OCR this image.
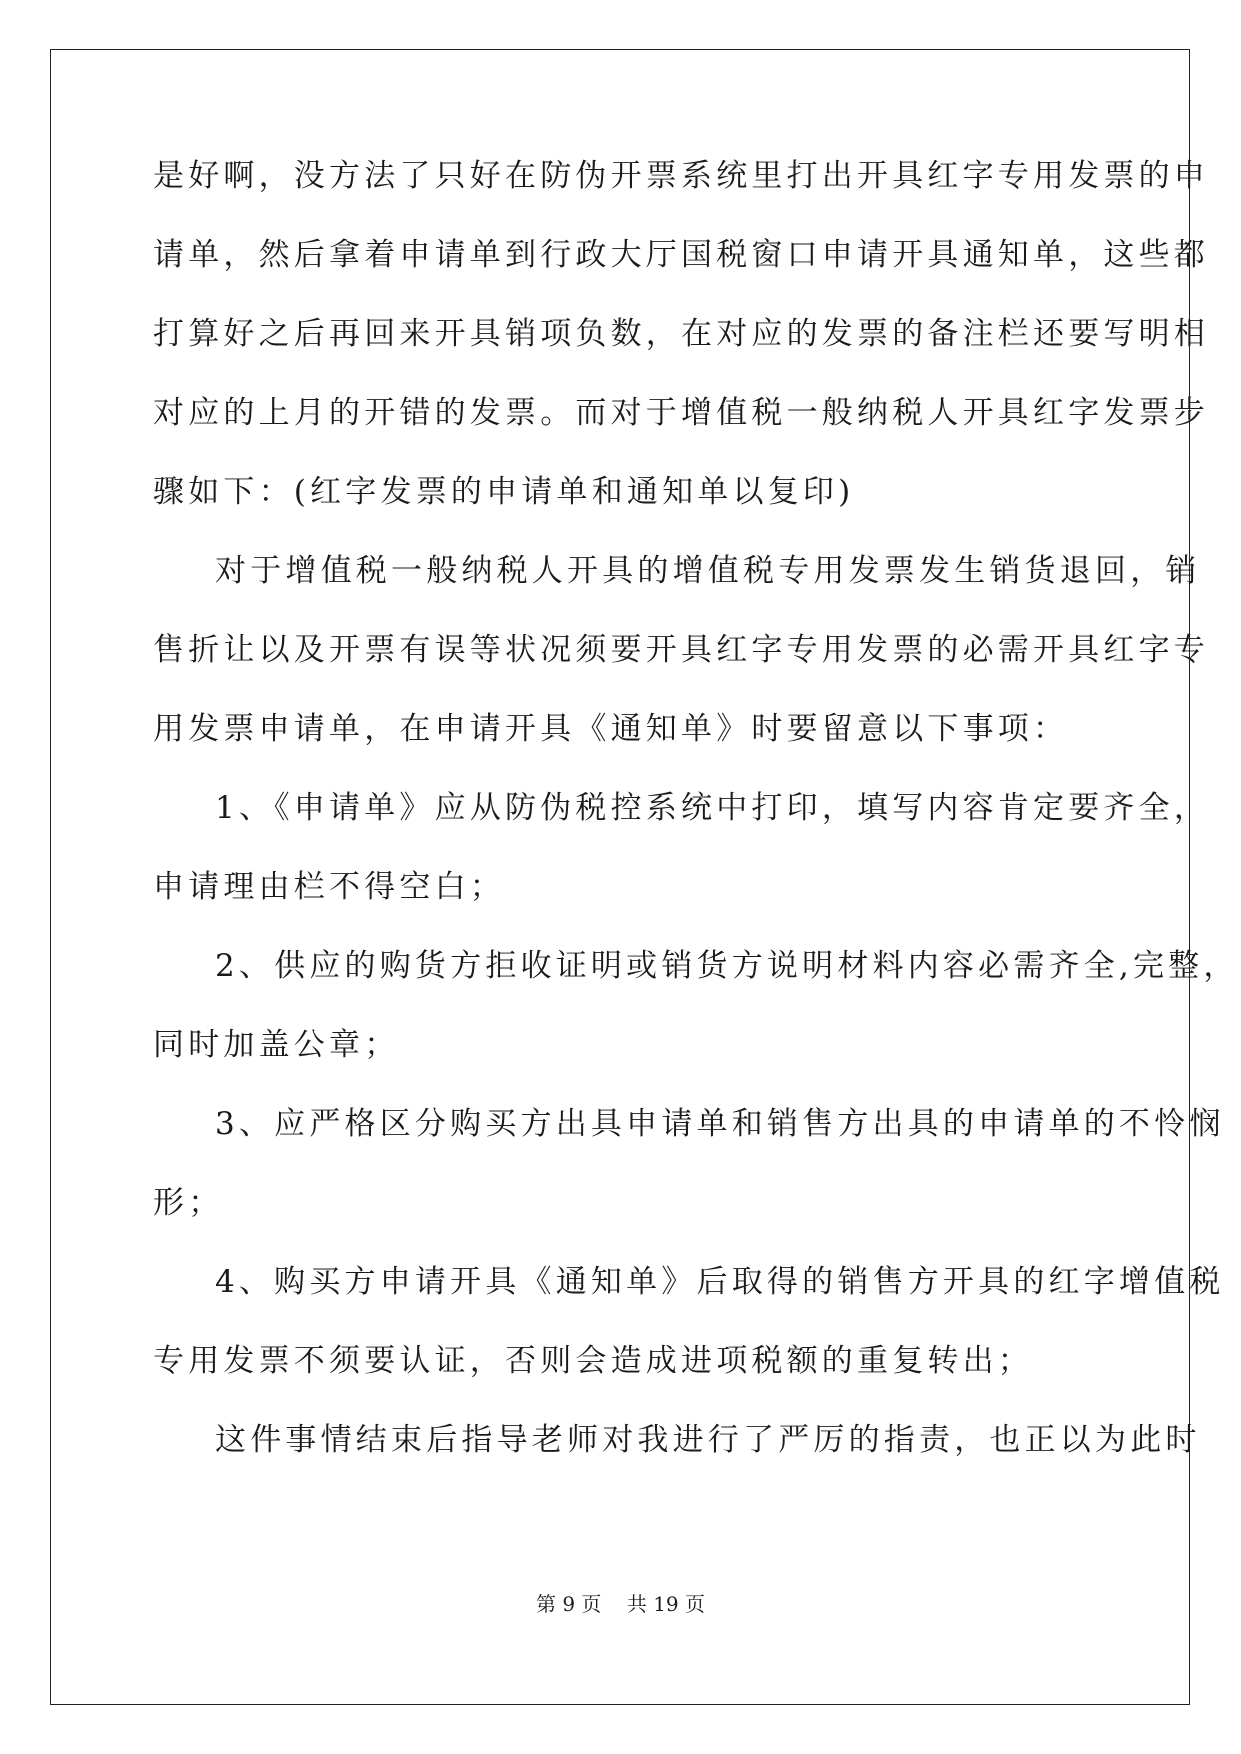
是好啊，没方法了只好在防伪开票系统里打出开具红字专用发票的申
请单，然后拿着申请单到行政大厅国税窗口申请开具通知单，这些都
打算好之后再回来开具销项负数，在对应的发票的备注栏还要写明相
对应的上月的开错的发票。而对于增值税一般纳税人开具红字发票步
骤如下：(红字发票的申请单和通知单以复印)
对于增值税一般纳税人开具的增值税专用发票发生销货退回，销
售折让以及开票有误等状况须要开具红字专用发票的必需开具红字专
用发票申请单，在申请开具《通知单》时要留意以下事项：
1、《申请单》应从防伪税控系统中打印，填写内容肯定要齐全，
申请理由栏不得空白；
2、供应的购货方拒收证明或销货方说明材料内容必需齐全,完整，
同时加盖公章；
3、应严格区分购买方出具申请单和销售方出具的申请单的不怜悯
形；
4、购买方申请开具《通知单》后取得的销售方开具的红字增值税
专用发票不须要认证，否则会造成进项税额的重复转出；
这件事情结束后指导老师对我进行了严厉的指责，也正以为此时
第 9 页    共 19 页
